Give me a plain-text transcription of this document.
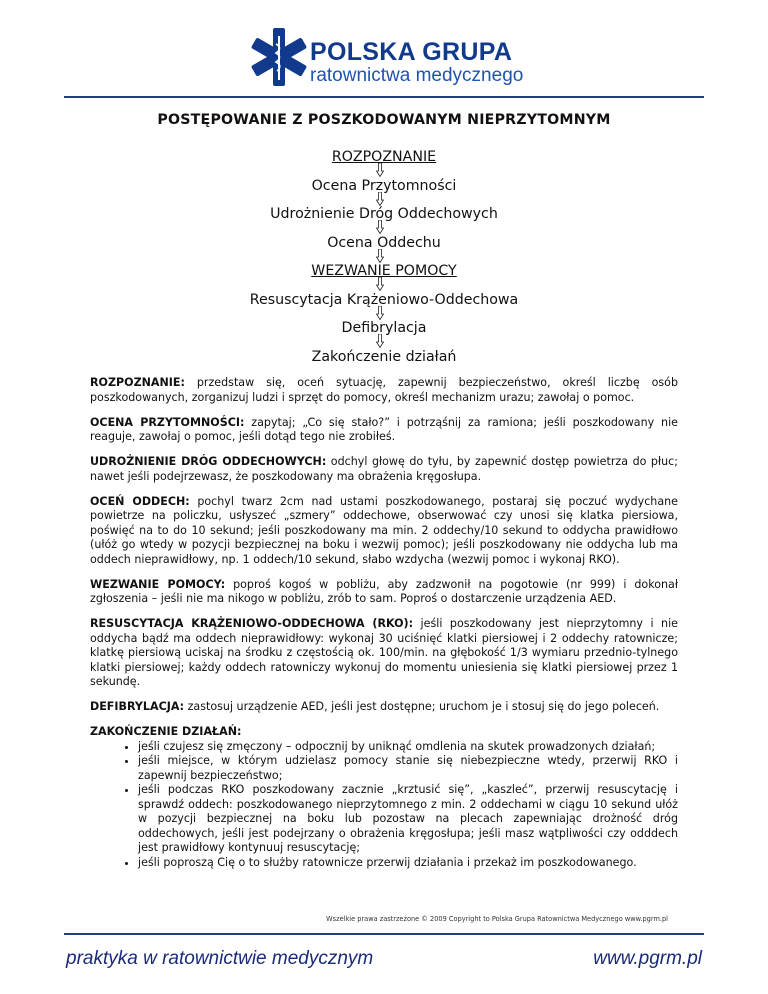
POLSKA GRUPA
ratownictwa medycznego
POSTĘPOWANIE Z POSZKODOWANYM NIEPRZYTOMNYM
ROZPOZNANIE
Ocena Przytomności
Udrożnienie Dróg Oddechowych
Ocena Oddechu
WEZWANIE POMOCY
Resuscytacja Krążeniowo-Oddechowa
Defibrylacja
Zakończenie działań

ROZPOZNANIE: przedstaw się, oceń sytuację, zapewnij bezpieczeństwo, określ liczbę osób poszkodowanych, zorganizuj ludzi i sprzęt do pomocy, określ mechanizm urazu; zawołaj o pomoc.

OCENA PRZYTOMNOŚCI: zapytaj; „Co się stało?” i potrząśnij za ramiona; jeśli poszkodowany nie reaguje, zawołaj o pomoc, jeśli dotąd tego nie zrobiłeś.

UDROŻNIENIE DRÓG ODDECHOWYCH: odchyl głowę do tyłu, by zapewnić dostęp powietrza do płuc; nawet jeśli podejrzewasz, że poszkodowany ma obrażenia kręgosłupa.

OCEŃ ODDECH: pochyl twarz 2cm nad ustami poszkodowanego, postaraj się poczuć wydychane powietrze na policzku, usłyszeć „szmery” oddechowe, obserwować czy unosi się klatka piersiowa, poświęć na to do 10 sekund; jeśli poszkodowany ma min. 2 oddechy/10 sekund to oddycha prawidłowo (ułóż go wtedy w pozycji bezpiecznej na boku i wezwij pomoc); jeśli poszkodowany nie oddycha lub ma oddech nieprawidłowy, np. 1 oddech/10 sekund, słabo wzdycha (wezwij pomoc i wykonaj RKO).

WEZWANIE POMOCY: poproś kogoś w pobliżu, aby zadzwonił na pogotowie (nr 999) i dokonał zgłoszenia – jeśli nie ma nikogo w pobliżu, zrób to sam. Poproś o dostarczenie urządzenia AED.

RESUSCYTACJA KRĄŻENIOWO-ODDECHOWA (RKO): jeśli poszkodowany jest nieprzytomny i nie oddycha bądź ma oddech nieprawidłowy: wykonaj 30 uciśnięć klatki piersiowej i 2 oddechy ratownicze; klatkę piersiową uciskaj na środku z częstością ok. 100/min. na głębokość 1/3 wymiaru przednio-tylnego klatki piersiowej; każdy oddech ratowniczy wykonuj do momentu uniesienia się klatki piersiowej przez 1 sekundę.

DEFIBRYLACJA: zastosuj urządzenie AED, jeśli jest dostępne; uruchom je i stosuj się do jego poleceń.

ZAKOŃCZENIE DZIAŁAŃ:
• jeśli czujesz się zmęczony – odpocznij by uniknąć omdlenia na skutek prowadzonych działań;
• jeśli miejsce, w którym udzielasz pomocy stanie się niebezpieczne wtedy, przerwij RKO i zapewnij bezpieczeństwo;
• jeśli podczas RKO poszkodowany zacznie „krztusić się”, „kaszleć”, przerwij resuscytację i sprawdź oddech: poszkodowanego nieprzytomnego z min. 2 oddechami w ciągu 10 sekund ułóż w pozycji bezpiecznej na boku lub pozostaw na plecach zapewniając drożność dróg oddechowych, jeśli jest podejrzany o obrażenia kręgosłupa; jeśli masz wątpliwości czy odddech jest prawidłowy kontynuuj resuscytację;
• jeśli poproszą Cię o to służby ratownicze przerwij działania i przekaż im poszkodowanego.
Wszelkie prawa zastrzeżone © 2009 Copyright to Polska Grupa Ratownictwa Medycznego www.pgrm.pl
praktyka w ratownictwie medycznym	www.pgrm.pl
